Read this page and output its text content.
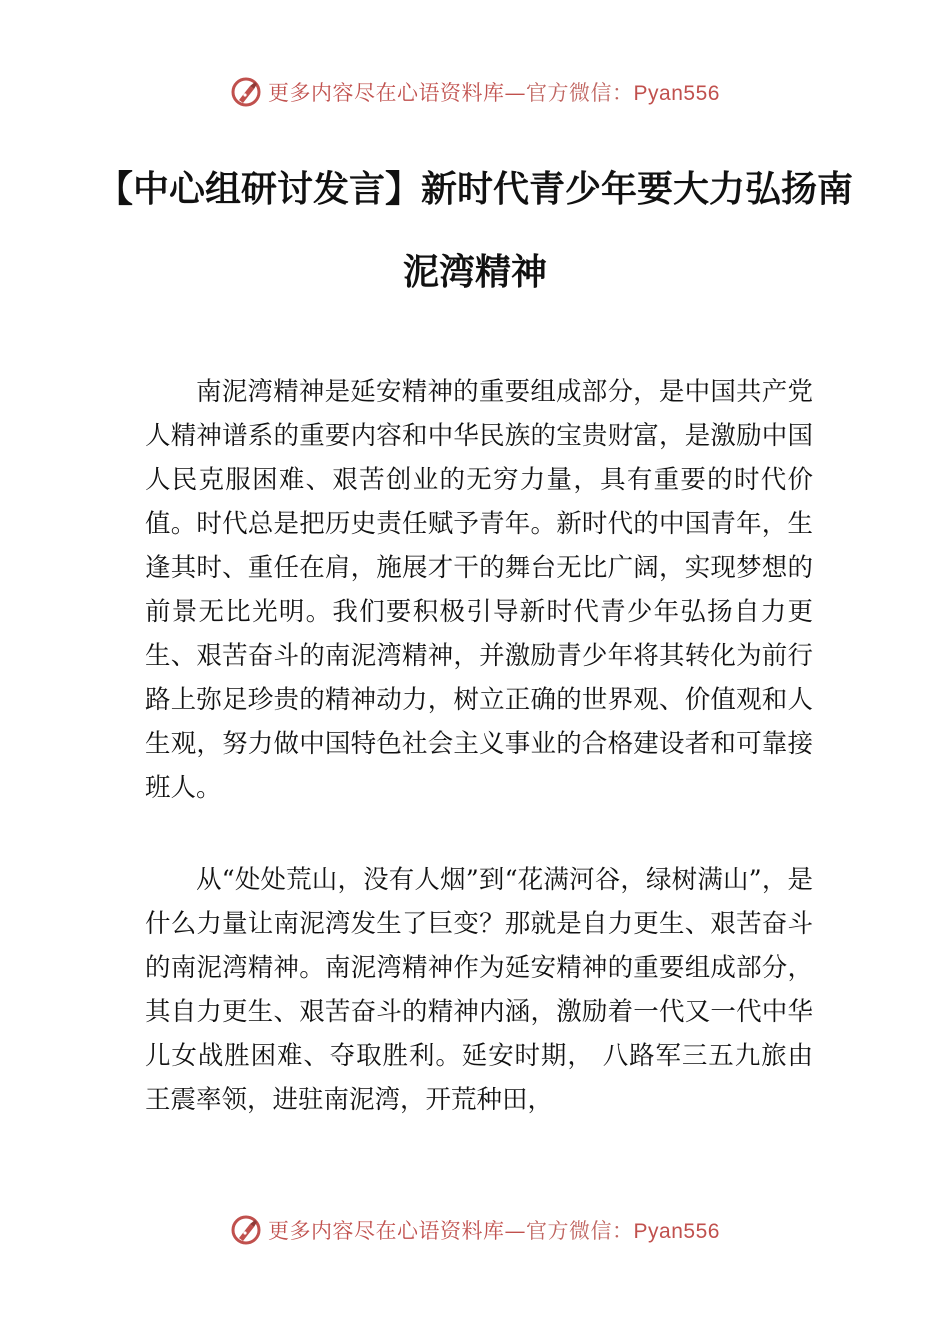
更多内容尽在心语资料库—官方微信：Pyan556
【中心组研讨发言】新时代青少年要大力弘扬南泥湾精神

南泥湾精神是延安精神的重要组成部分，是中国共产党人精神谱系的重要内容和中华民族的宝贵财富，是激励中国人民克服困难、艰苦创业的无穷力量，具有重要的时代价值。时代总是把历史责任赋予青年。新时代的中国青年，生逢其时、重任在肩，施展才干的舞台无比广阔，实现梦想的前景无比光明。我们要积极引导新时代青少年弘扬自力更生、艰苦奋斗的南泥湾精神，并激励青少年将其转化为前行路上弥足珍贵的精神动力，树立正确的世界观、价值观和人生观，努力做中国特色社会主义事业的合格建设者和可靠接班人。

从“处处荒山，没有人烟”到“花满河谷，绿树满山”，是什么力量让南泥湾发生了巨变？那就是自力更生、艰苦奋斗的南泥湾精神。南泥湾精神作为延安精神的重要组成部分，其自力更生、艰苦奋斗的精神内涵，激励着一代又一代中华儿女战胜困难、夺取胜利。延安时期， 八路军三五九旅由王震率领，进驻南泥湾，开荒种田，

更多内容尽在心语资料库—官方微信：Pyan556
